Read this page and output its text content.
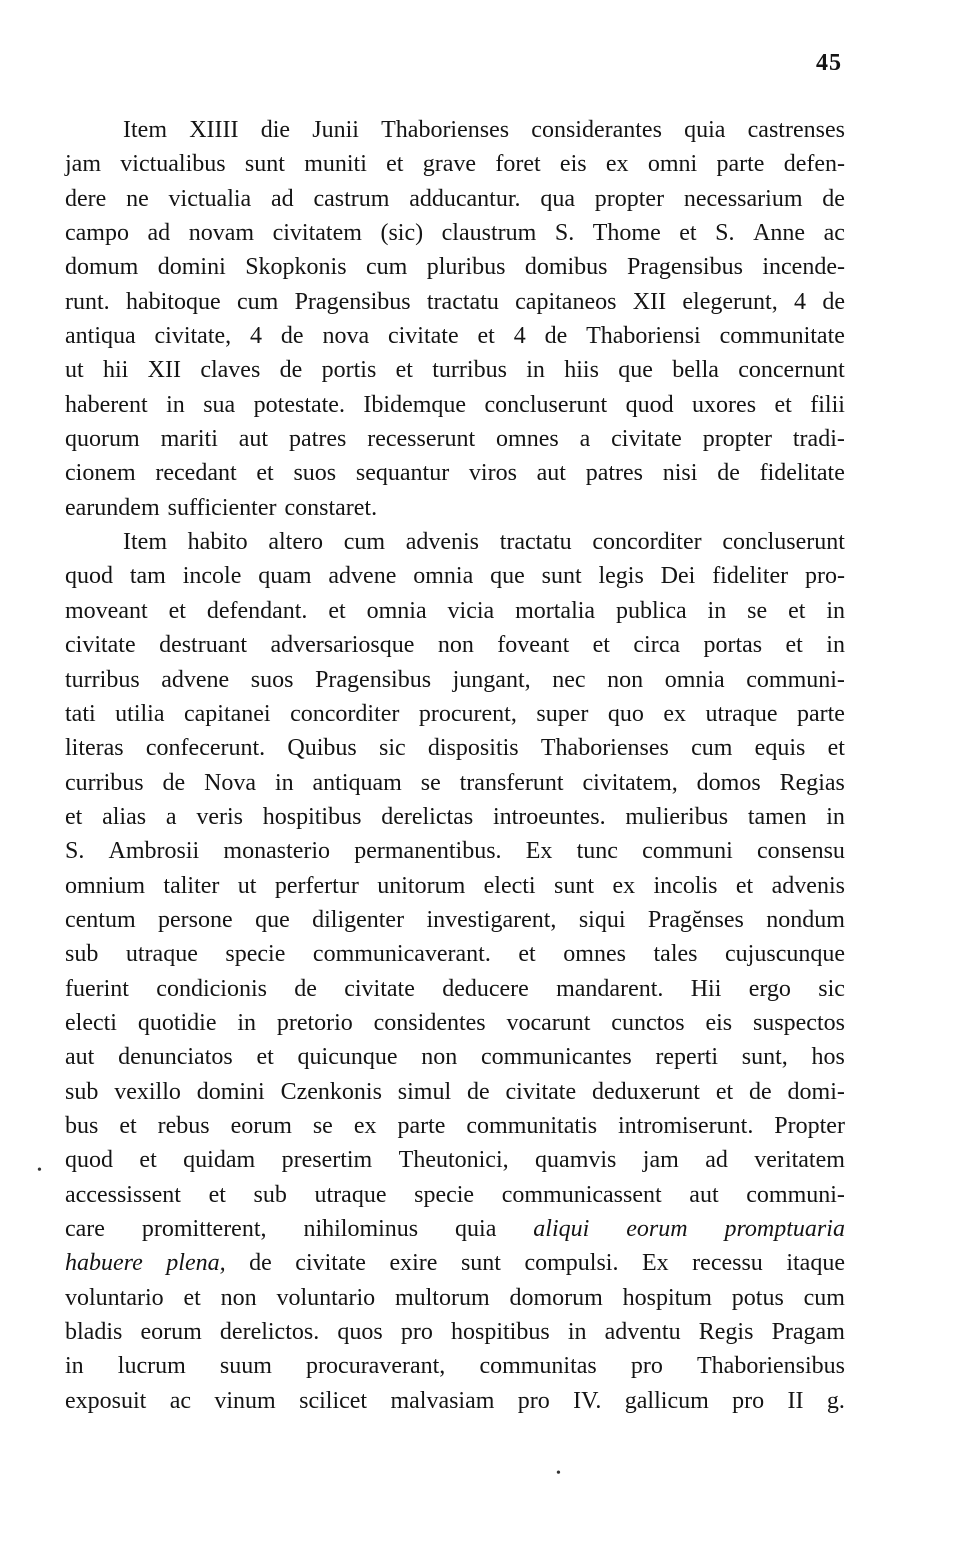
45
Item XIIII die Junii Thaborienses considerantes quia castrenses
jam victualibus sunt muniti et grave foret eis ex omni parte defen-
dere ne victualia ad castrum adducantur. qua propter necessarium de
campo ad novam civitatem (sic) claustrum S. Thome et S. Anne ac
domum domini Skopkonis cum pluribus domibus Pragensibus incende-
runt. habitoque cum Pragensibus tractatu capitaneos XII elegerunt, 4 de
antiqua civitate, 4 de nova civitate et 4 de Thaboriensi communitate
ut hii XII claves de portis et turribus in hiis que bella concernunt
haberent in sua potestate. Ibidemque concluserunt quod uxores et filii
quorum mariti aut patres recesserunt omnes a civitate propter tradi-
cionem recedant et suos sequantur viros aut patres nisi de fidelitate
earundem sufficienter constaret.
Item habito altero cum advenis tractatu concorditer concluserunt
quod tam incole quam advene omnia que sunt legis Dei fideliter pro-
moveant et defendant. et omnia vicia mortalia publica in se et in
civitate destruant adversariosque non foveant et circa portas et in
turribus advene suos Pragensibus jungant, nec non omnia communi-
tati utilia capitanei concorditer procurent, super quo ex utraque parte
literas confecerunt. Quibus sic dispositis Thaborienses cum equis et
curribus de Nova in antiquam se transferunt civitatem, domos Regias
et alias a veris hospitibus derelictas introeuntes. mulieribus tamen in
S. Ambrosii monasterio permanentibus. Ex tunc communi consensu
omnium taliter ut perfertur unitorum electi sunt ex incolis et advenis
centum persone que diligenter investigarent, siqui Pragĕnses nondum
sub utraque specie communicaverant. et omnes tales cujuscunque
fuerint condicionis de civitate deducere mandarent. Hii ergo sic
electi quotidie in pretorio considentes vocarunt cunctos eis suspectos
aut denunciatos et quicunque non communicantes reperti sunt, hos
sub vexillo domini Czenkonis simul de civitate deduxerunt et de domi-
bus et rebus eorum se ex parte communitatis intromiserunt. Propter
quod et quidam presertim Theutonici, quamvis jam ad veritatem
accessissent et sub utraque specie communicassent aut communi-
care promitterent, nihilominus quia aliqui eorum promptuaria
habuere plena, de civitate exire sunt compulsi. Ex recessu itaque
voluntario et non voluntario multorum domorum hospitum potus cum
bladis eorum derelictos. quos pro hospitibus in adventu Regis Pragam
in lucrum suum procuraverant, communitas pro Thaboriensibus
exposuit ac vinum scilicet malvasiam pro IV. gallicum pro II g.
•
•
